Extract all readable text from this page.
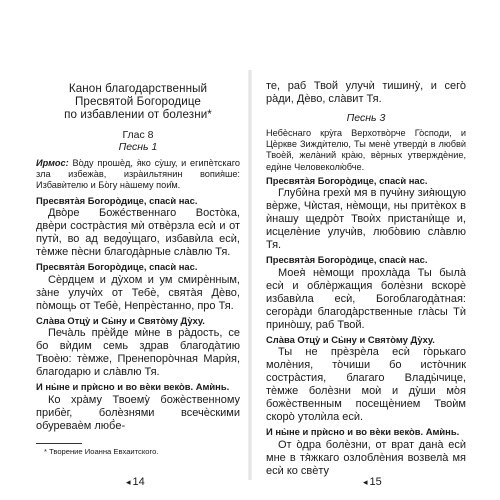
Канон благодарственный
Пресвятой Богородице
по избавлении от болезни*
Глас 8
Песнь 1
Ирмос: Во̀ду прошѐд, я̀ко су̀шу, и египѐтскаго зла избежа̀в, изра̀ильтянин вопия̀ше: Избавѝтелю и Бо̀гу на̀шему пои̂м.
Пресвята̀я Богоро̀дице, спасѝ нас.
Дво̀ре Боже́ственнаго Восто̀ка, двѐри состра̀стия мѝ отвѐрзла есѝ и от путѝ, во ад ведѹ̀щаго, избавѝла есѝ, тѐмже пѐсни благода̀рные сла̀влю Тя.
Пресвята̀я Богоро̀дице, спасѝ нас.
Сѐрдцем и ду̀хом и ум смирѐнным, за̀не улучѝх от Тебѐ, свята̀я Дѐво, по̀мощь от Тебѐ, Непрѐстанно, про Тя.
Сла̀ва Отцу̀ и Сы̀ну и Свято̀му Ду̀ху.
Печа̀ль прѐйде мѝне в ра̀дость, се бо вѝдим семь здрав благода̀тию Твоѐю: тѐмже, Пренепоро̀чная Марѝя, благодарю и сла̀влю Тя.
И ны̀не и прѝсно и во вѐки веко̀в. Амѝнь.
Ко хра̀му Твоему̀ божѐственному прибѐг, болѐзнями всечѐскими обуреваѐм люб̀е-
* Творение Иоанна Евхаитского.
◂ 14
те, раб Твой улучѝ тишину̀, и сего̀ ра̀ди, Дѐво, сла̀вит Тя.
Песнь 3
Небѐснаго кру̀га Верхотво̀рче Го̀споди, и Цѐркве Зиждѝтелю, Ты менѐ утвердѝ в любвѝ Твоѐй, жела̀ний кра̀ю, вѐрных утверждѐние, едѝне Человеколю̀бче.
Пресвята̀я Богоро̀дице, спасѝ нас.
Глубѝна грехѝ мя в пучѝну зия̀ющую вѐрже, Чѝстая, нѐмощи, ны притѐкох в ѝнашу щедро̀т Твоѝх пристанѝще и, исцелѐние улучѝв, любо̀вию сла̀влю Тя.
Пресвята̀я Богоро̀дице, спасѝ нас.
Моея̀ нѐмощи прохла̀да Ты была̀ есѝ и облѐржащия болѐзни вскорѐ избавѝла есѝ, Богоблагода̀тная: сегора̀ди благода̀рственные гла̀сы Тѝ прино̀шу, раб Твой.
Сла̀ва Отцу̀ и Сы̀ну и Свято̀му Ду̀ху.
Ты не прѐзрѐла есѝ го̀рькаго молѐния, то̀чиши бо исто̀чник состра̀стия, благаго Влады̀чице, тѐмже болѐзни моѝ и ду̀ши мо̀я божѐственным посещѐнием Твоѝм скоро̀ утолѝла есѝ.
И ны̀не и прѝсно и во вѐки веко̀в. Амѝнь.
От о̀дра болѐзни, от врат дана̀ есѝ мне в тя̀жкаго озлоблѐния возвела̀ мя есѝ ко свѐту
◂ 15
